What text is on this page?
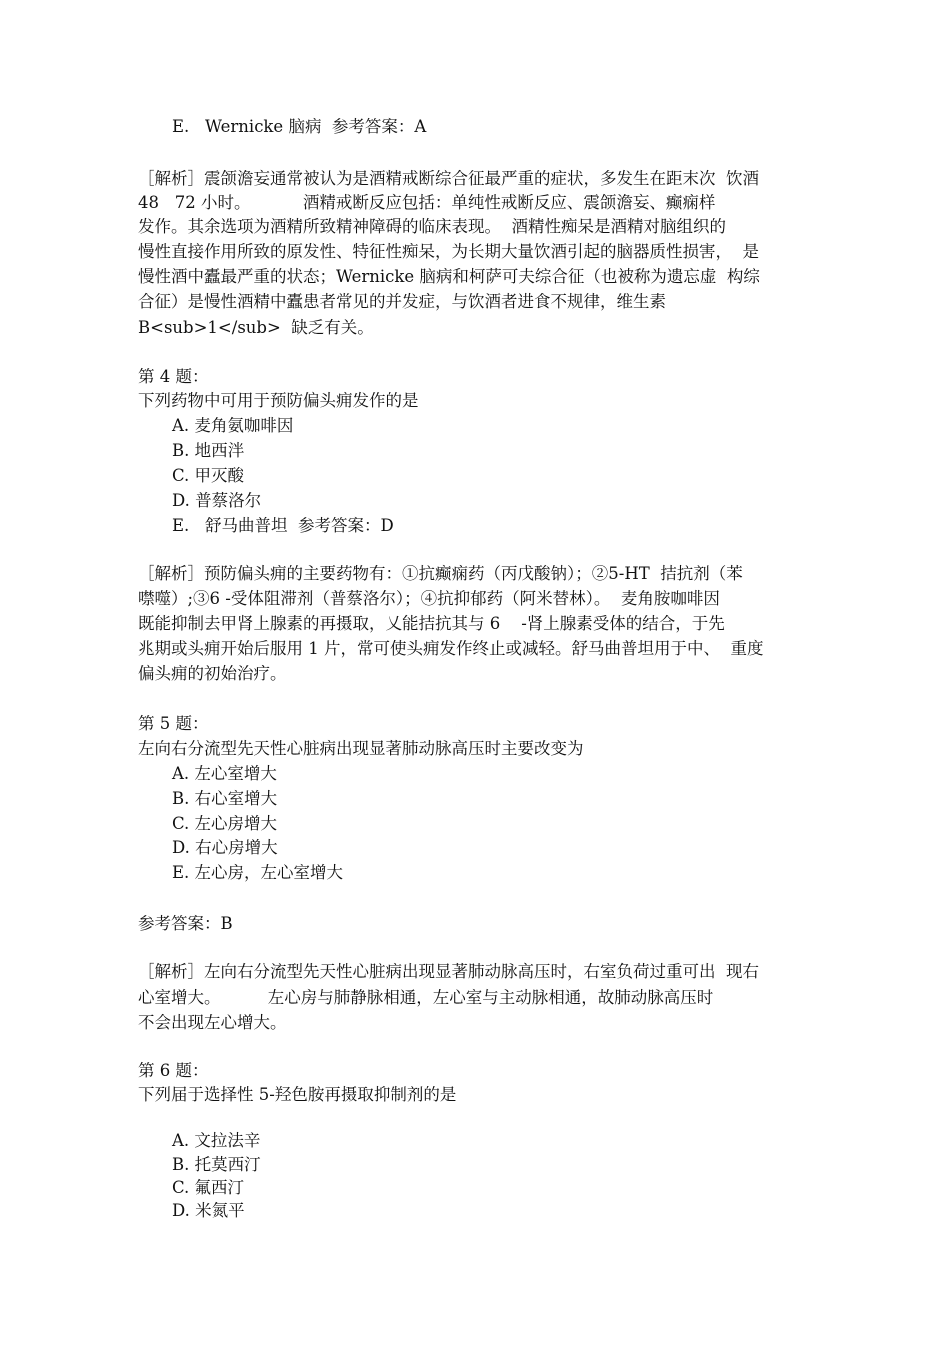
E.   Wernicke 脑病  参考答案：A
［解析］震颌澹妄通常被认为是酒精戒断综合征最严重的症状，多发生在距末次  饮酒
48   72 小时。          酒精戒断反应包括：单纯性戒断反应、震颌澹妄、癫痫样
发作。其余选项为酒精所致精神障碍的临床表现。  酒精性痴呆是酒精对脑组织的
慢性直接作用所致的原发性、特征性痴呆，为长期大量饮酒引起的脑器质性损害，  是
慢性酒中蠹最严重的状态；Wernicke 脑病和柯萨可夫综合征（也被称为遗忘虚  构综
合征）是慢性酒精中蠹患者常见的并发症，与饮酒者进食不规律，维生素
B<sub>1</sub>  缺乏有关。
第 4 题：
下列药物中可用于预防偏头痈发作的是
A. 麦角氨咖啡因
B. 地西泮
C. 甲灭酸
D. 普蔡洛尔
E.   舒马曲普坦  参考答案：D
［解析］预防偏头痈的主要药物有：①抗癫痫药（丙戊酸钠）；②5-HT  拮抗剂（苯
噤噬）;③6 -受体阻滞剂（普蔡洛尔）；④抗抑郁药（阿米替林）。  麦角胺咖啡因
既能抑制去甲肾上腺素的再摄取，乂能拮抗其与 6    -肾上腺素受体的结合，于先
兆期或头痈开始后服用 1 片，常可使头痈发作终止或减轻。舒马曲普坦用于中、  重度
偏头痈的初始治疗。
第 5 题：
左向右分流型先天性心脏病出现显著肺动脉高压时主要改变为
A. 左心室增大
B. 右心室增大
C. 左心房增大
D. 右心房增大
E. 左心房，左心室增大
参考答案：B
［解析］左向右分流型先天性心脏病出现显著肺动脉高压时，右室负荷过重可出  现右
心室增大。         左心房与肺静脉相通，左心室与主动脉相通，故肺动脉高压时
不会出现左心增大。
第 6 题：
下列届于选择性 5-羟色胺再摄取抑制剂的是
A. 文拉法辛
B. 托莫西汀
C. 氟西汀
D. 米氮平
